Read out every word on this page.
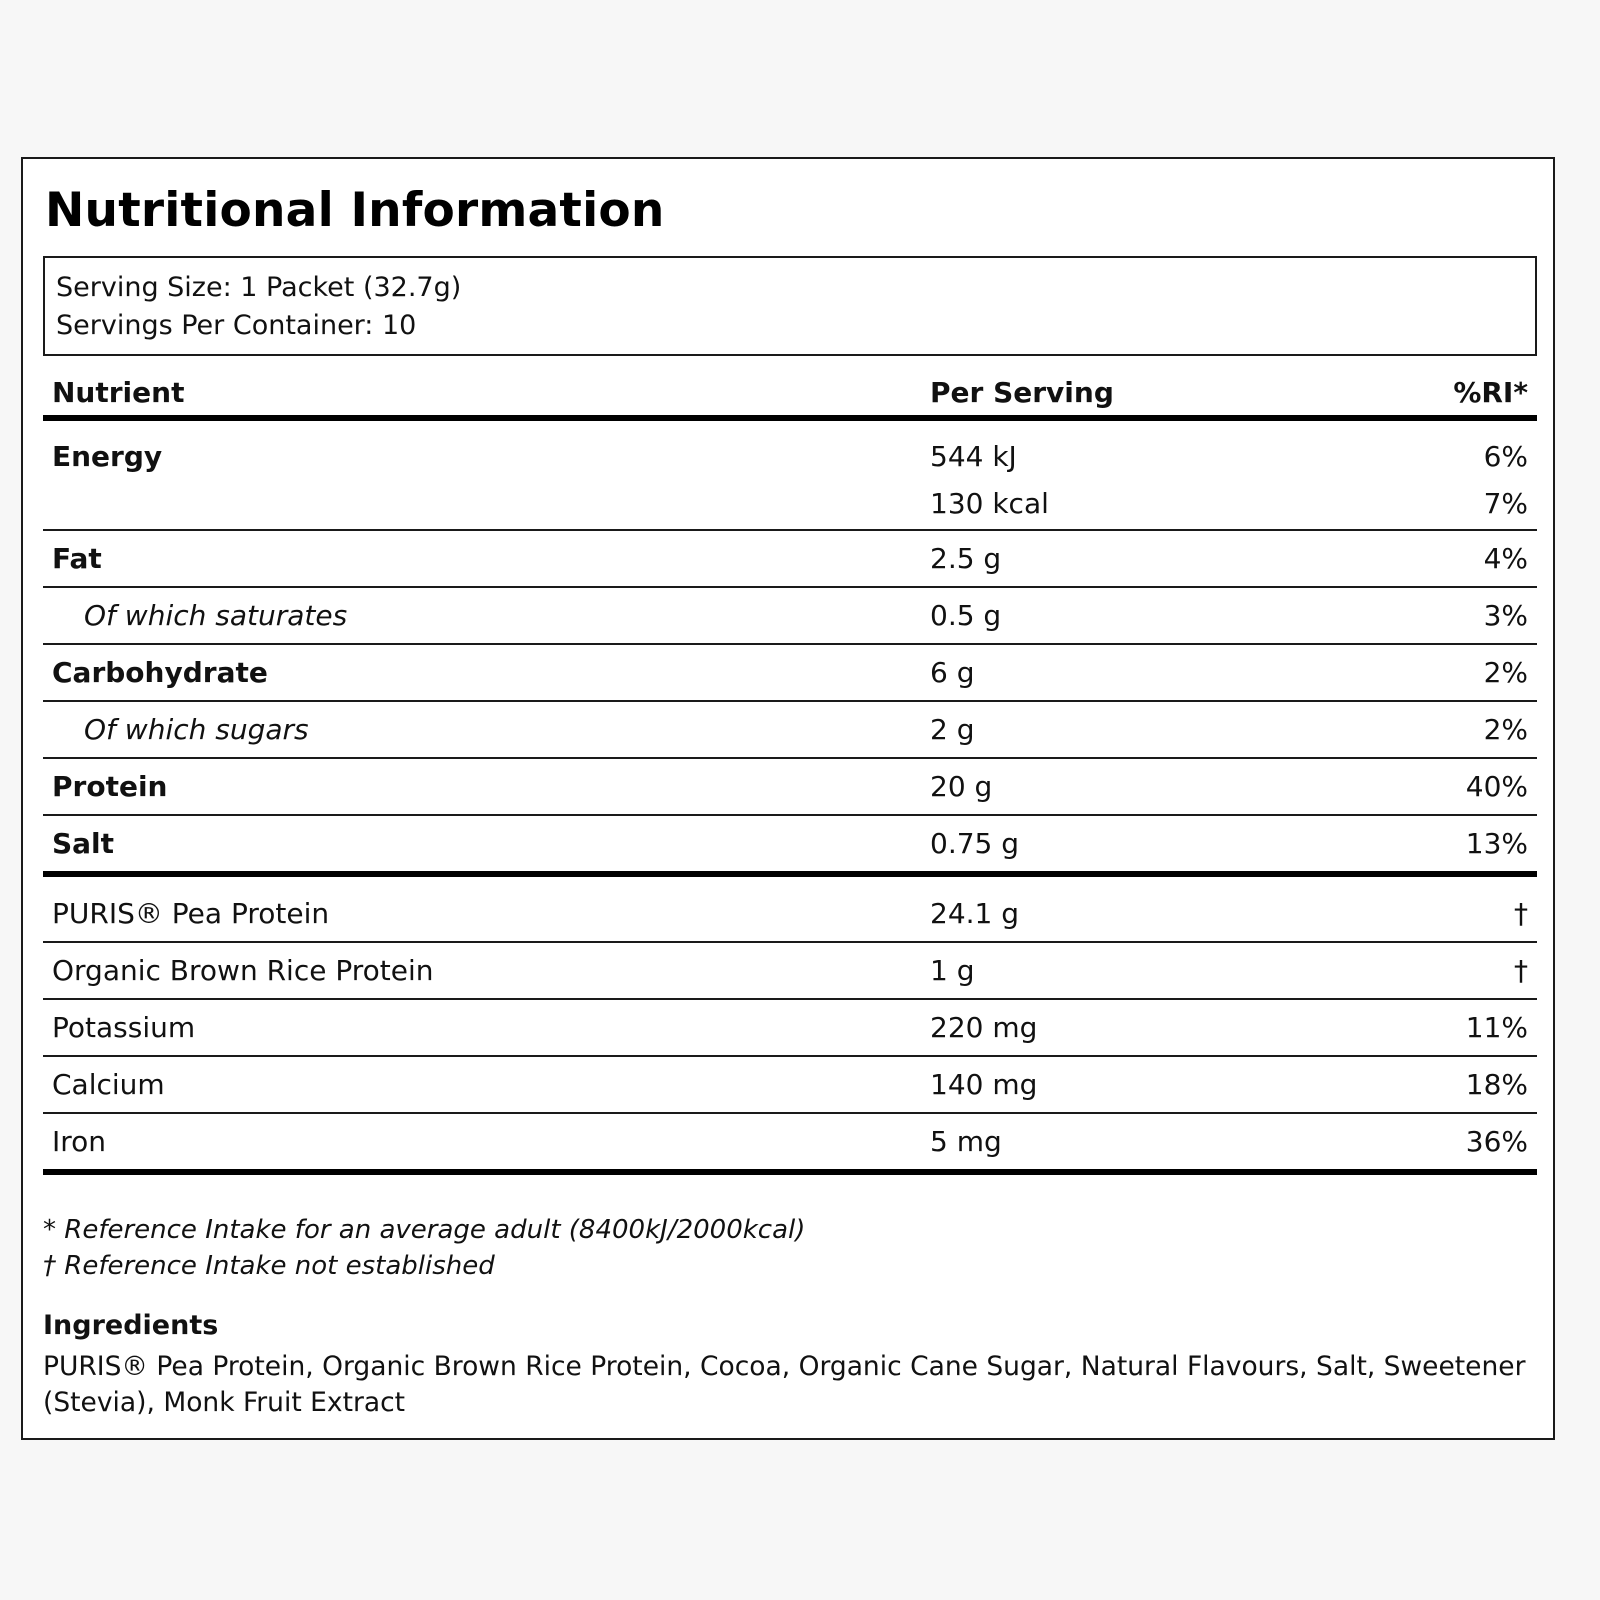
Nutritional Information
Serving Size: 1 Packet (32.7g)
Servings Per Container: 10
Nutrient	Per Serving	%RI*
Energy	544 kJ	6%
130 kcal	7%
Fat	2.5 g	4%
Of which saturates	0.5 g	3%
Carbohydrate	6 g	2%
Of which sugars	2 g	2%
Protein	20 g	40%
Salt	0.75 g	13%
PURIS® Pea Protein	24.1 g	†
Organic Brown Rice Protein	1 g	†
Potassium	220 mg	11%
Calcium	140 mg	18%
Iron	5 mg	36%
* Reference Intake for an average adult (8400kJ/2000kcal)
† Reference Intake not established
Ingredients

PURIS® Pea Protein, Organic Brown Rice Protein, Cocoa, Organic Cane Sugar, Natural Flavours, Salt, Sweetener (Stevia), Monk Fruit Extract
